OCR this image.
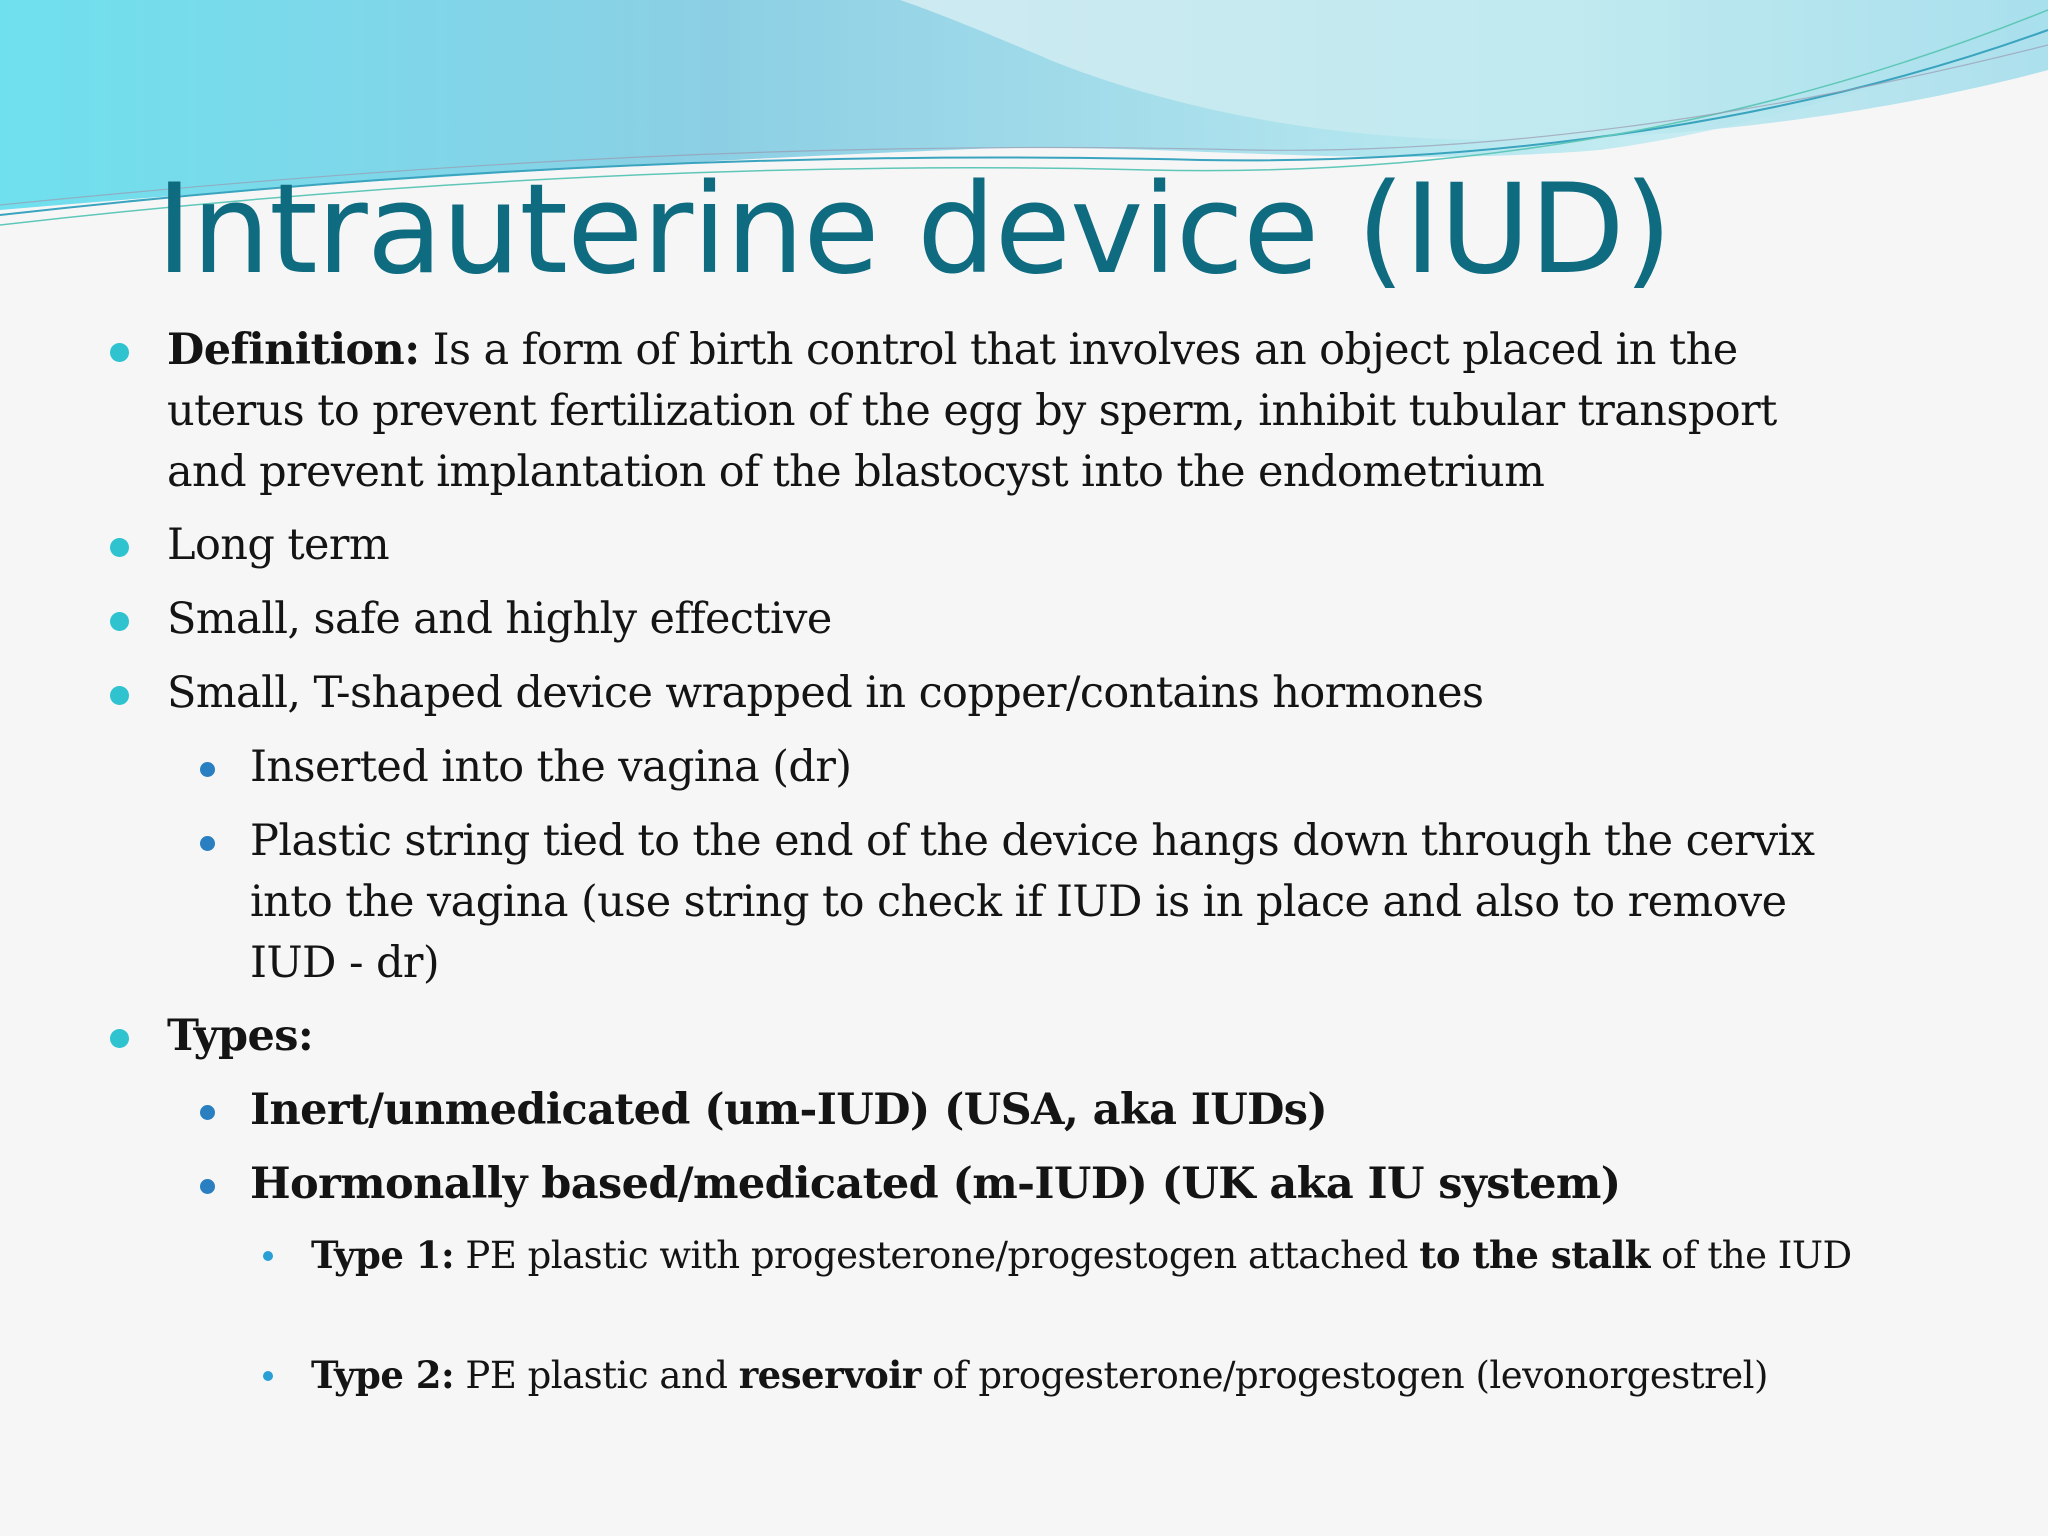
Intrauterine device (IUD)

Definition: Is a form of birth control that involves an object placed in the uterus to prevent fertilization of the egg by sperm, inhibit tubular transport and prevent implantation of the blastocyst into the endometrium

Long term

Small, safe and highly effective

Small, T-shaped device wrapped in copper/contains hormones

Inserted into the vagina (dr)

Plastic string tied to the end of the device hangs down through the cervix into the vagina (use string to check if IUD is in place and also to remove IUD - dr)

Types:

Inert/unmedicated (um-IUD) (USA, aka IUDs)

Hormonally based/medicated (m-IUD) (UK aka IU system)

Type 1: PE plastic with progesterone/progestogen attached to the stalk of the IUD

Type 2: PE plastic and reservoir of progesterone/progestogen (levonorgestrel)
